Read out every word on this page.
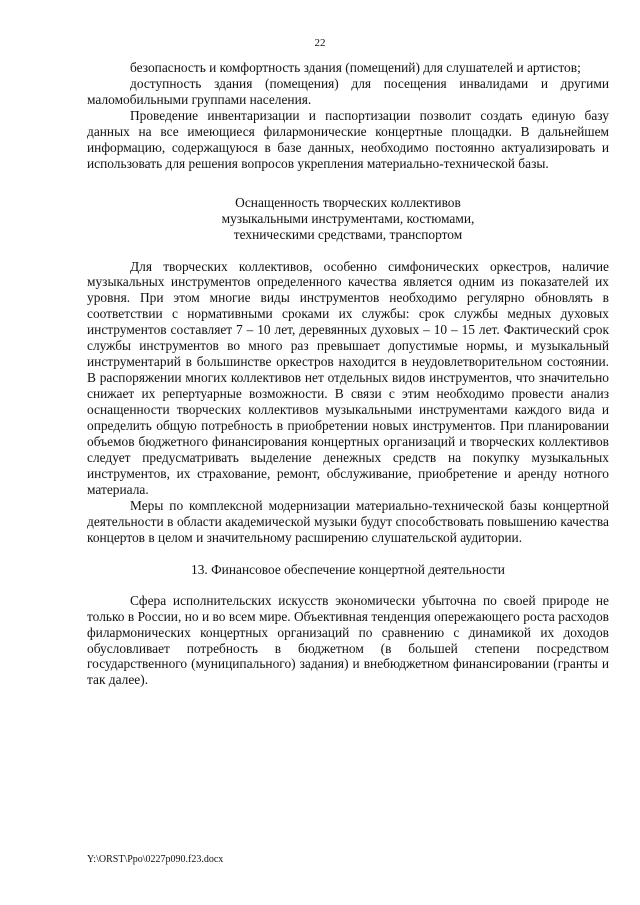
22

безопасность и комфортность здания (помещений) для слушателей и артистов;

доступность здания (помещения) для посещения инвалидами и другими маломобильными группами населения.

Проведение инвентаризации и паспортизации позволит создать единую базу данных на все имеющиеся филармонические концертные площадки. В дальнейшем информацию, содержащуюся в базе данных, необходимо постоянно актуализировать и использовать для решения вопросов укрепления материально-технической базы.

Оснащенность творческих коллективов

музыкальными инструментами, костюмами,

техническими средствами, транспортом

Для творческих коллективов, особенно симфонических оркестров, наличие музыкальных инструментов определенного качества является одним из показателей их уровня. При этом многие виды инструментов необходимо регулярно обновлять в соответствии с нормативными сроками их службы: срок службы медных духовых инструментов составляет 7 – 10 лет, деревянных духовых – 10 – 15 лет. Фактический срок службы инструментов во много раз превышает допустимые нормы, и музыкальный инструментарий в большинстве оркестров находится в неудовлетворительном состоянии. В распоряжении многих коллективов нет отдельных видов инструментов, что значительно снижает их репертуарные возможности. В связи с этим необходимо провести анализ оснащенности творческих коллективов музыкальными инструментами каждого вида и определить общую потребность в приобретении новых инструментов. При планировании объемов бюджетного финансирования концертных организаций и творческих коллективов следует предусматривать выделение денежных средств на покупку музыкальных инструментов, их страхование, ремонт, обслуживание, приобретение и аренду нотного материала.

Меры по комплексной модернизации материально-технической базы концертной деятельности в области академической музыки будут способствовать повышению качества концертов в целом и значительному расширению слушательской аудитории.

13. Финансовое обеспечение концертной деятельности

Сфера исполнительских искусств экономически убыточна по своей природе не только в России, но и во всем мире. Объективная тенденция опережающего роста расходов филармонических концертных организаций по сравнению с динамикой их доходов обусловливает потребность в бюджетном (в большей степени посредством государственного (муниципального) задания) и внебюджетном финансировании (гранты и так далее).

Y:\ORST\Ppo\0227p090.f23.docx
